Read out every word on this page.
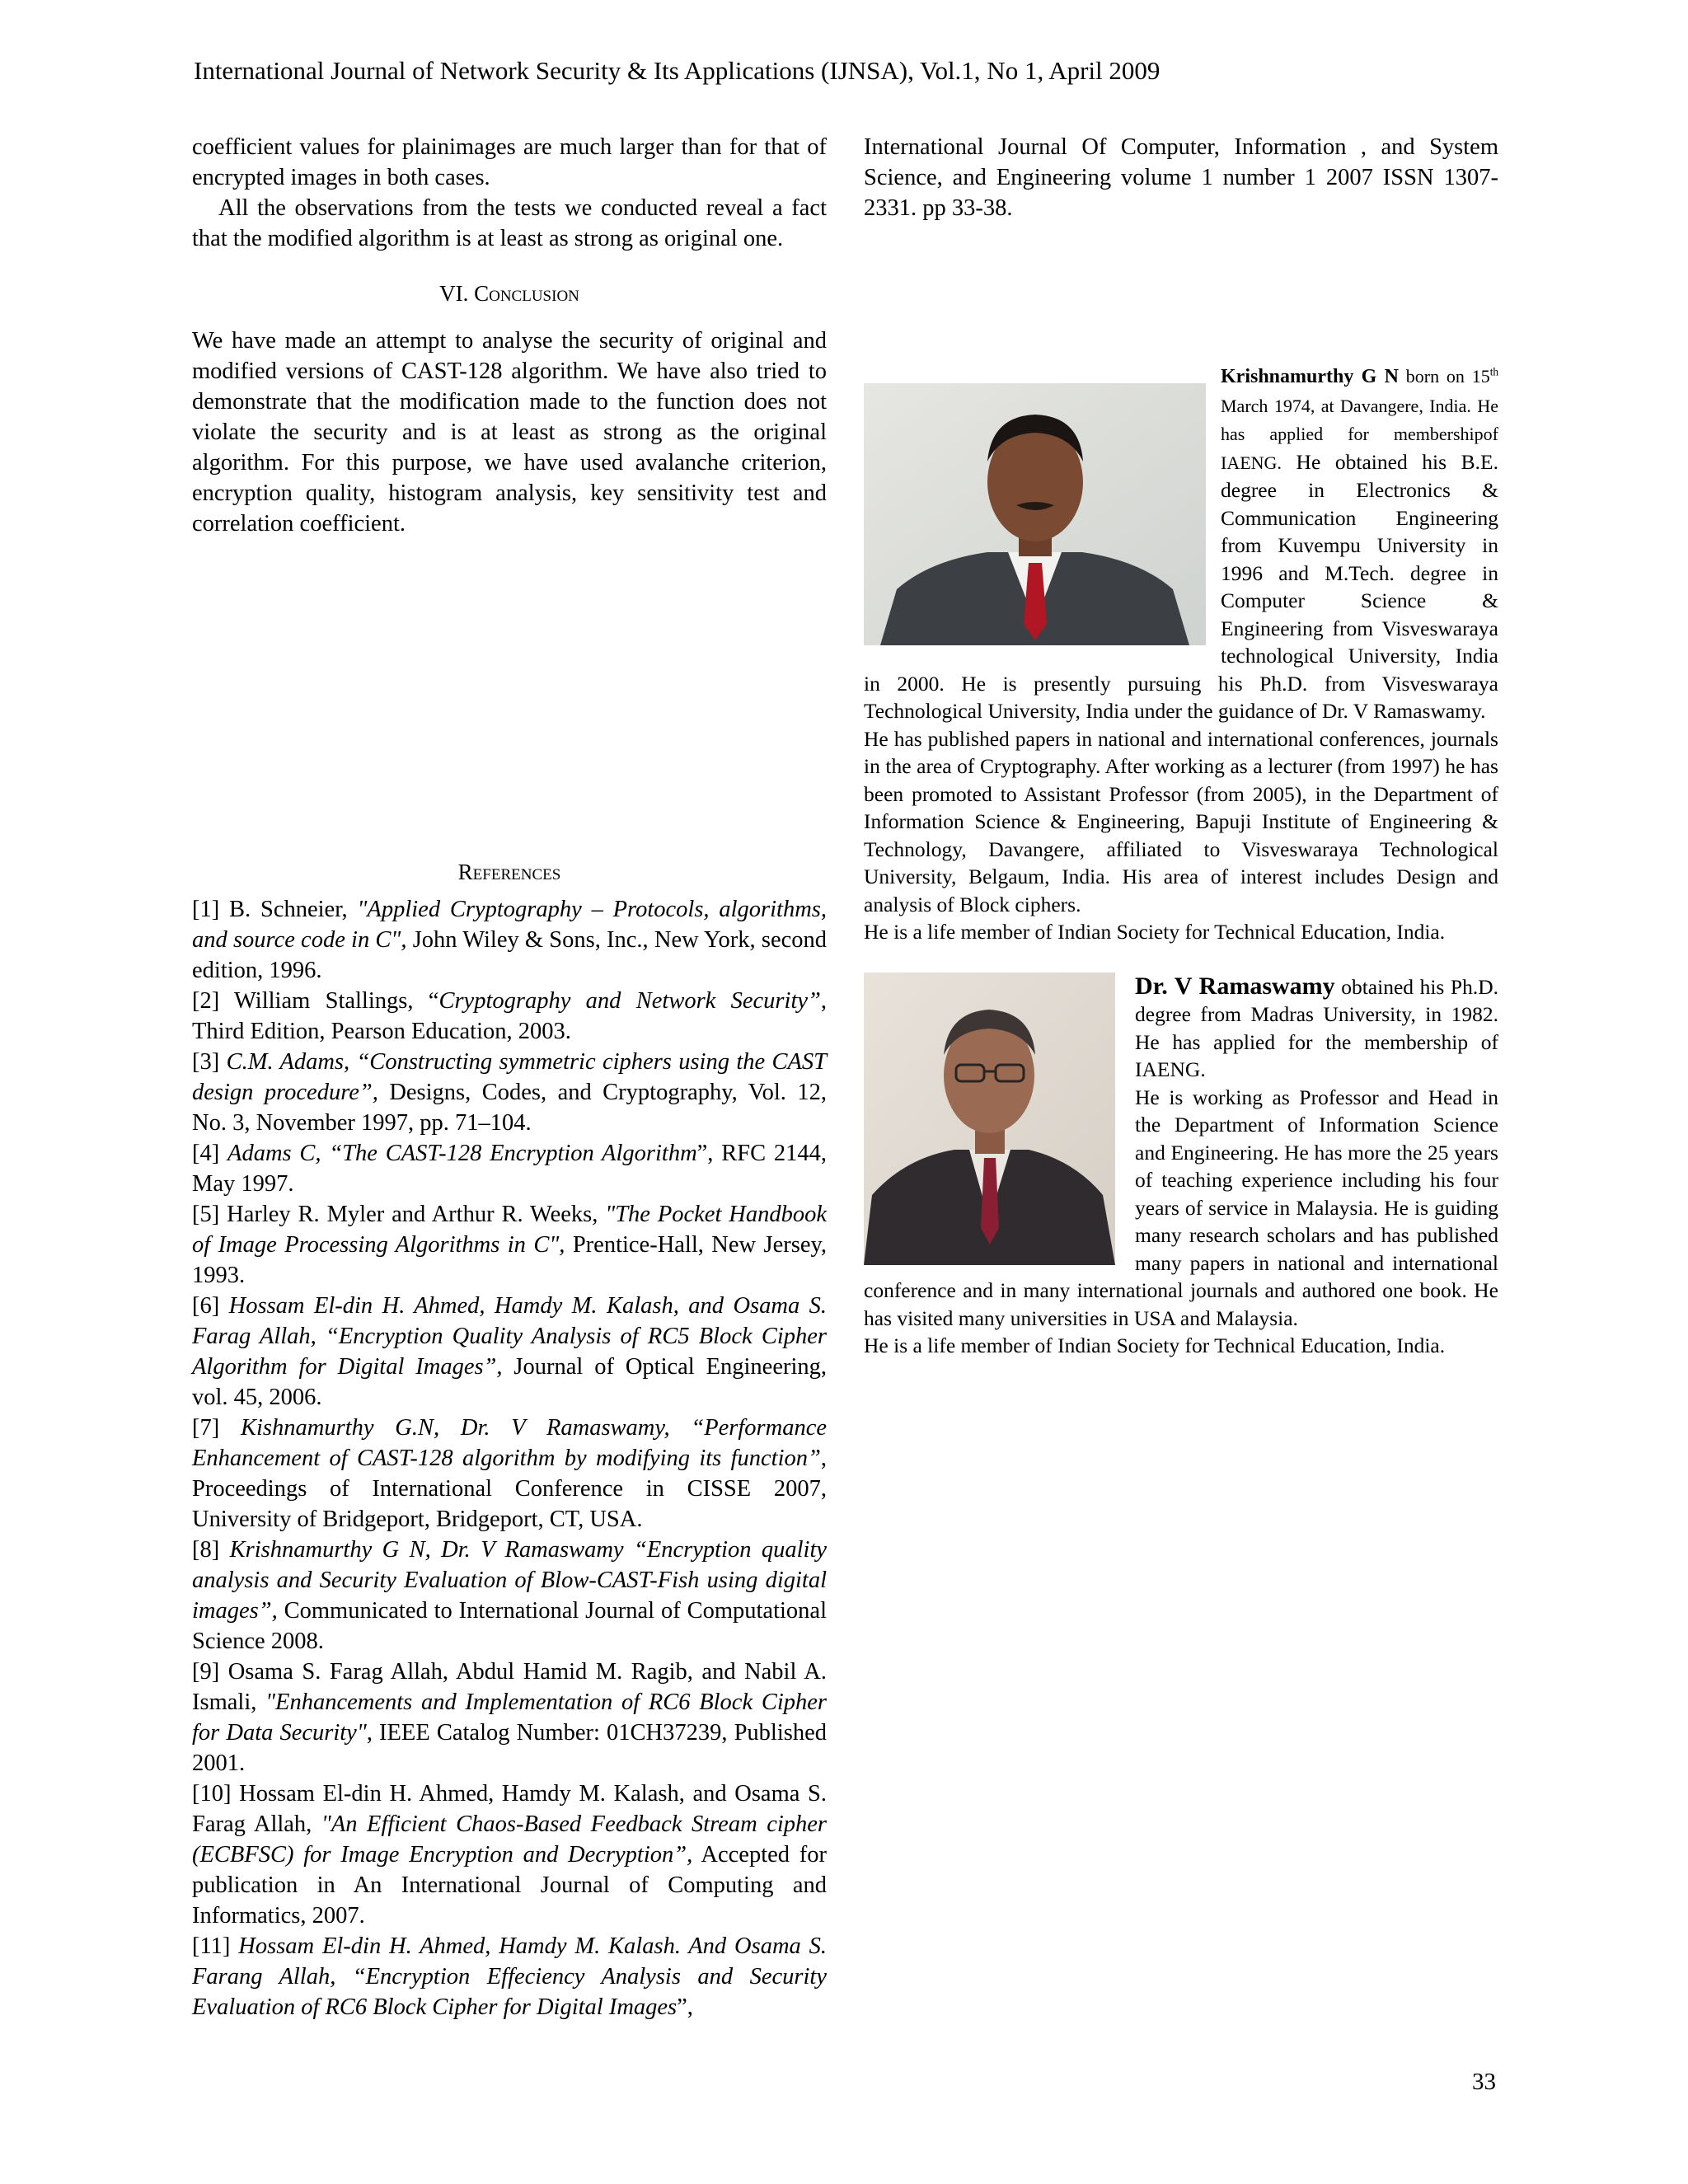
International Journal of Network Security & Its Applications (IJNSA), Vol.1, No 1, April 2009

coefficient values for plainimages are much larger than for that of encrypted images in both cases.

All the observations from the tests we conducted reveal a fact that the modified algorithm is at least as strong as original one.

VI. Conclusion

We have made an attempt to analyse the security of original and modified versions of CAST-128 algorithm. We have also tried to demonstrate that the modification made to the function does not violate the security and is at least as strong as the original algorithm. For this purpose, we have used avalanche criterion, encryption quality, histogram analysis, key sensitivity test and correlation coefficient.

References

[1] B. Schneier, "Applied Cryptography – Protocols, algorithms, and source code in C", John Wiley & Sons, Inc., New York, second edition, 1996.

[2] William Stallings, “Cryptography and Network Security”, Third Edition, Pearson Education, 2003.

[3] C.M. Adams, “Constructing symmetric ciphers using the CAST design procedure”, Designs, Codes, and Cryptography, Vol. 12, No. 3, November 1997, pp. 71–104.

[4] Adams C, “The CAST-128 Encryption Algorithm”, RFC 2144, May 1997.

[5] Harley R. Myler and Arthur R. Weeks, "The Pocket Handbook of Image Processing Algorithms in C", Prentice-Hall, New Jersey, 1993.

[6] Hossam El-din H. Ahmed, Hamdy M. Kalash, and Osama S. Farag Allah, “Encryption Quality Analysis of RC5 Block Cipher Algorithm for Digital Images”, Journal of Optical Engineering, vol. 45, 2006.

[7] Kishnamurthy G.N, Dr. V Ramaswamy, “Performance Enhancement of CAST-128 algorithm by modifying its function”, Proceedings of International Conference in CISSE 2007, University of Bridgeport, Bridgeport, CT, USA.

[8] Krishnamurthy G N, Dr. V Ramaswamy “Encryption quality analysis and Security Evaluation of Blow-CAST-Fish using digital images”, Communicated to International Journal of Computational Science 2008.

[9] Osama S. Farag Allah, Abdul Hamid M. Ragib, and Nabil A. Ismali, "Enhancements and Implementation of RC6 Block Cipher for Data Security", IEEE Catalog Number: 01CH37239, Published 2001.

[10] Hossam El-din H. Ahmed, Hamdy M. Kalash, and Osama S. Farag Allah, "An Efficient Chaos-Based Feedback Stream cipher (ECBFSC) for Image Encryption and Decryption”, Accepted for publication in An International Journal of Computing and Informatics, 2007.

[11] Hossam El-din H. Ahmed, Hamdy M. Kalash. And Osama S. Farang Allah, “Encryption Effeciency Analysis and Security Evaluation of RC6 Block Cipher for Digital Images”,

International Journal Of Computer, Information , and System Science, and Engineering volume 1 number 1 2007 ISSN 1307-2331. pp 33-38.

Krishnamurthy G N born on 15th March 1974, at Davangere, India. He has applied for membershipof IAENG. He obtained his B.E. degree in Electronics & Communication Engineering from Kuvempu University in 1996 and M.Tech. degree in Computer Science & Engineering from Visveswaraya technological University, India in 2000. He is presently pursuing his Ph.D. from Visveswaraya Technological University, India under the guidance of Dr. V Ramaswamy.

He has published papers in national and international conferences, journals in the area of Cryptography. After working as a lecturer (from 1997) he has been promoted to Assistant Professor (from 2005), in the Department of Information Science & Engineering, Bapuji Institute of Engineering & Technology, Davangere, affiliated to Visveswaraya Technological University, Belgaum, India. His area of interest includes Design and analysis of Block ciphers.

He is a life member of Indian Society for Technical Education, India.

Dr. V Ramaswamy obtained his Ph.D. degree from Madras University, in 1982. He has applied for the membership of IAENG.

He is working as Professor and Head in the Department of Information Science and Engineering. He has more the 25 years of teaching experience including his four years of service in Malaysia. He is guiding many research scholars and has published many papers in national and international conference and in many international journals and authored one book. He has visited many universities in USA and Malaysia.

He is a life member of Indian Society for Technical Education, India.

33
